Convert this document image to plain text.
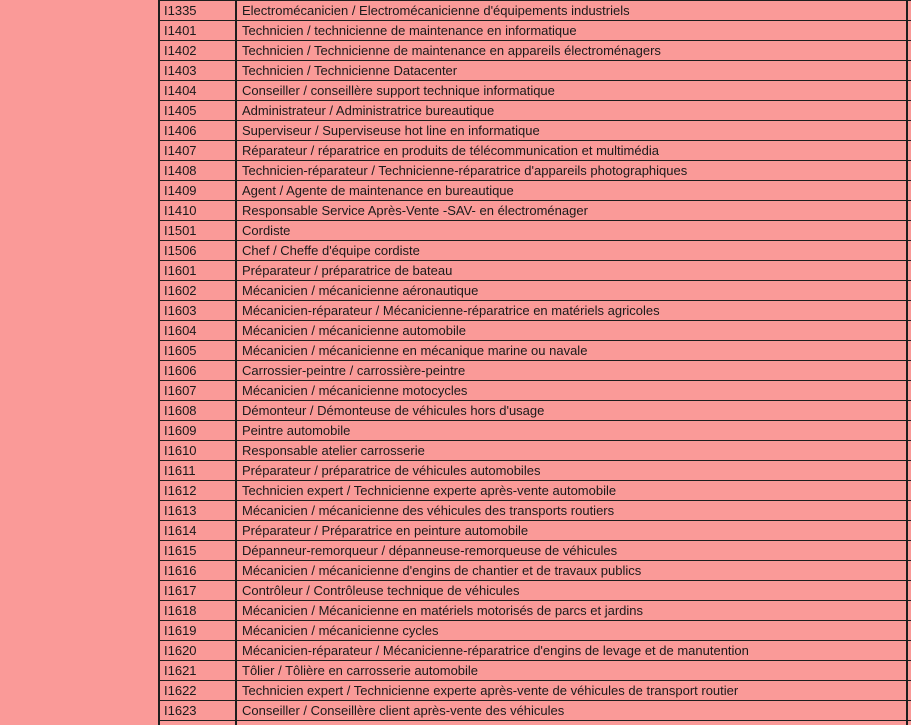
I1335	Electromécanicien / Electromécanicienne d'équipements industriels
I1401	Technicien / technicienne de maintenance en informatique
I1402	Technicien / Technicienne de maintenance en appareils électroménagers
I1403	Technicien / Technicienne Datacenter
I1404	Conseiller / conseillère support technique informatique
I1405	Administrateur / Administratrice bureautique
I1406	Superviseur / Superviseuse hot line en informatique
I1407	Réparateur / réparatrice en produits de télécommunication et multimédia
I1408	Technicien-réparateur / Technicienne-réparatrice d'appareils photographiques
I1409	Agent / Agente de maintenance en bureautique
I1410	Responsable Service Après-Vente -SAV- en électroménager
I1501	Cordiste
I1506	Chef / Cheffe d'équipe cordiste
I1601	Préparateur / préparatrice de bateau
I1602	Mécanicien / mécanicienne aéronautique
I1603	Mécanicien-réparateur / Mécanicienne-réparatrice en matériels agricoles
I1604	Mécanicien / mécanicienne automobile
I1605	Mécanicien / mécanicienne en mécanique marine ou navale
I1606	Carrossier-peintre / carrossière-peintre
I1607	Mécanicien / mécanicienne motocycles
I1608	Démonteur / Démonteuse de véhicules hors d'usage
I1609	Peintre automobile
I1610	Responsable atelier carrosserie
I1611	Préparateur / préparatrice de véhicules automobiles
I1612	Technicien expert / Technicienne experte après-vente automobile
I1613	Mécanicien / mécanicienne des véhicules des transports routiers
I1614	Préparateur / Préparatrice en peinture automobile
I1615	Dépanneur-remorqueur / dépanneuse-remorqueuse de véhicules
I1616	Mécanicien / mécanicienne d'engins de chantier et de travaux publics
I1617	Contrôleur / Contrôleuse technique de véhicules
I1618	Mécanicien / Mécanicienne en matériels motorisés de parcs et jardins
I1619	Mécanicien / mécanicienne cycles
I1620	Mécanicien-réparateur / Mécanicienne-réparatrice d'engins de levage et de manutention
I1621	Tôlier / Tôlière en carrosserie automobile
I1622	Technicien expert / Technicienne experte après-vente de véhicules de transport routier
I1623	Conseiller / Conseillère client après-vente des véhicules
